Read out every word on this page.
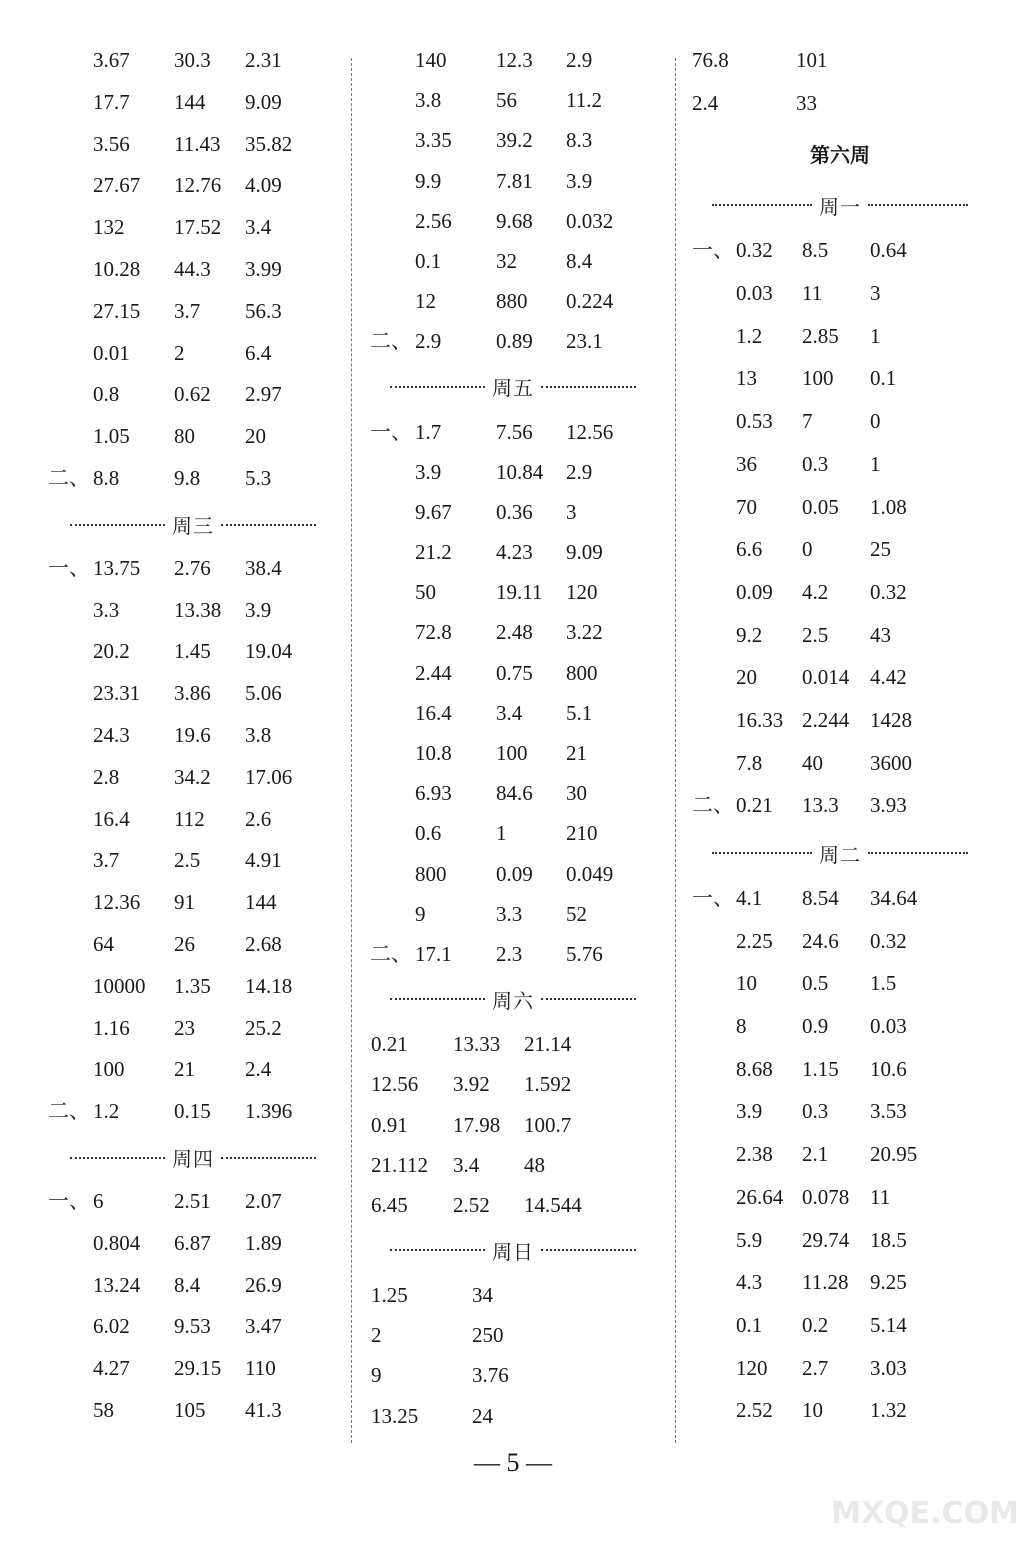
3.67 30.3 2.31
17.7 144 9.09
3.56 11.43 35.82
27.67 12.76 4.09
132 17.52 3.4
10.28 44.3 3.99
27.15 3.7 56.3
0.01 2	6.4
0.8	0.62 2.97
1.05 80 20
二、 8.8	9.8 5.3
周三
一、 13.75 2.76 38.4
3.3	13.38 3.9
20.2 1.45 19.04
23.31 3.86 5.06
24.3 19.6 3.8
2.8	34.2 17.06
16.4 112 2.6
3.7	2.5 4.91
12.36 91 144
64	26 2.68
10000 1.35 14.18
1.16 23 25.2
100 21 2.4
二、 1.2	0.15 1.396
周四
一、 6	2.51 2.07
0.804 6.87 1.89
13.24 8.4 26.9
6.02 9.53 3.47
4.27 29.15 110
58	105 41.3
140 12.3 2.9
3.8	56 11.2
3.35 39.2 8.3
9.9	7.81 3.9
2.56 9.68 0.032
0.1	32 8.4
12	880 0.224
二、 2.9	0.89 23.1
周五
一、 1.7	7.56 12.56
3.9	10.84 2.9
9.67 0.36 3
21.2 4.23 9.09
50	19.11 120
72.8 2.48 3.22
2.44 0.75 800
16.4 3.4 5.1
10.8 100 21
6.93 84.6 30
0.6	1	210
800 0.09 0.049
9	3.3 52
二、 17.1 2.3 5.76
周六
0.21 13.33 21.14
12.56 3.92 1.592
0.91 17.98 100.7
21.112 3.4 48
6.45 2.52 14.544
周日
1.25	34
2	250
9	3.76
13.25	24
76.8	101
2.4	33
第六周
周一
一、 0.32 8.5 0.64
0.03 11 3
1.2 2.85 1
13 100 0.1
0.53 7	0
36 0.3 1
70 0.05 1.08
6.6 0	25
0.09 4.2 0.32
9.2 2.5 43
20 0.014 4.42
16.33 2.244 1428
7.8 40 3600
二、 0.21 13.3 3.93
周二
一、 4.1 8.54 34.64
2.25 24.6 0.32
10 0.5 1.5
8	0.9 0.03
8.68 1.15 10.6
3.9 0.3 3.53
2.38 2.1 20.95
26.64 0.078 11
5.9 29.74 18.5
4.3 11.28 9.25
0.1 0.2 5.14
120 2.7 3.03
2.52 10 1.32
— 5 —
MXQE.COM
